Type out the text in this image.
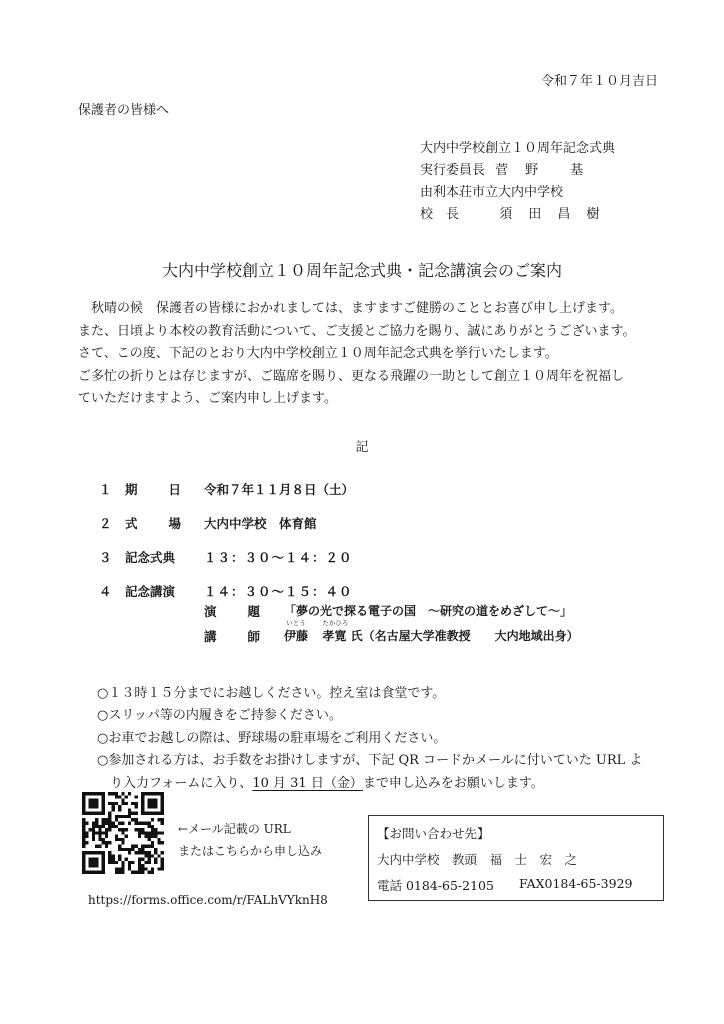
令和７年１０月吉日
保護者の皆様へ
大内中学校創立１０周年記念式典
実行委員長 菅　野　　基
由利本荘市立大内中学校
校　長	須 田 昌 樹
大内中学校創立１０周年記念式典・記念講演会のご案内
　秋晴の候　保護者の皆様におかれましては、ますますご健勝のこととお喜び申し上げます。
また、日頃より本校の教育活動について、ご支援とご協力を賜り、誠にありがとうございます。
さて、この度、下記のとおり大内中学校創立１０周年記念式典を挙行いたします。
ご多忙の折りとは存じますが、ご臨席を賜り、更なる飛躍の一助として創立１０周年を祝福し
ていただけますよう、ご案内申し上げます。
記
１ 期　　日 令和７年１１月８日（土）
２ 式　　場 大内中学校　体育館
３ 記念式典 １３：３０～１４：２０
４ 記念講演 １４：３０～１５：４０
演　　題 「夢の光で探る電子の国　～研究の道をめざして～」
講　　師
いとう
伊藤
たかひろ
孝寛 氏（名古屋大学准教授　　大内地域出身）
○１３時１５分までにお越しください。控え室は食堂です。
○スリッパ等の内履きをご持参ください。
○お車でお越しの際は、野球場の駐車場をご利用ください。
○参加される方は、お手数をお掛けしますが、下記 QR コードかメールに付いていた URL よ
　り入力フォームに入り、10 月 31 日（金）まで申し込みをお願いします。
←メール記載の URL
またはこちらから申し込み
https://forms.office.com/r/FALhVYknH8
【お問い合わせ先】
大内中学校　教頭　福　士　宏　之
電話 0184-65-2105 FAX0184-65-3929
